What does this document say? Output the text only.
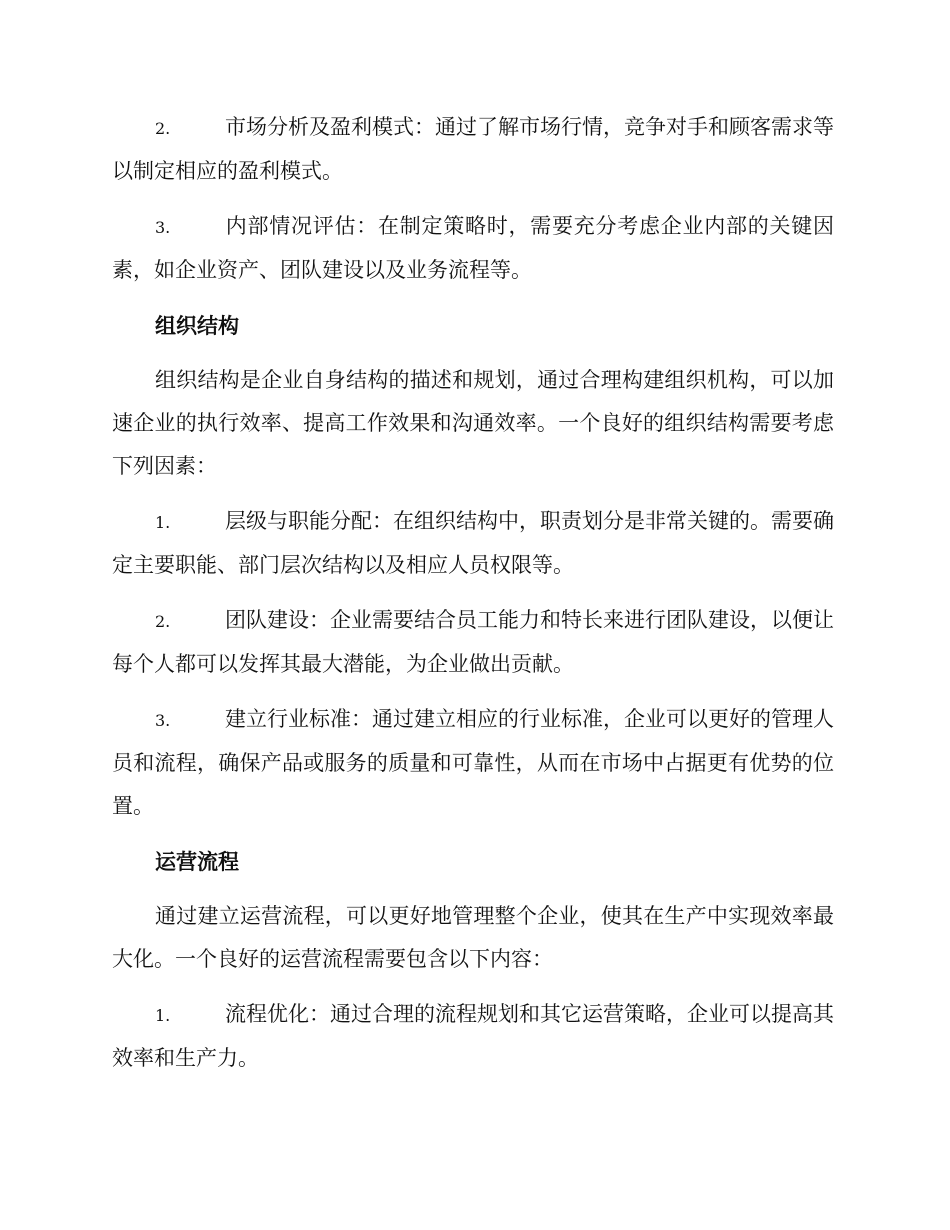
2.	市场分析及盈利模式：通过了解市场行情，竞争对手和顾客需求等以制定相应的盈利模式。

3.	内部情况评估：在制定策略时，需要充分考虑企业内部的关键因素，如企业资产、团队建设以及业务流程等。

组织结构

组织结构是企业自身结构的描述和规划，通过合理构建组织机构，可以加速企业的执行效率、提高工作效果和沟通效率。一个良好的组织结构需要考虑下列因素：

1.	层级与职能分配：在组织结构中，职责划分是非常关键的。需要确定主要职能、部门层次结构以及相应人员权限等。

2.	团队建设：企业需要结合员工能力和特长来进行团队建设，以便让每个人都可以发挥其最大潜能，为企业做出贡献。

3.	建立行业标准：通过建立相应的行业标准，企业可以更好的管理人员和流程，确保产品或服务的质量和可靠性，从而在市场中占据更有优势的位置。

运营流程

通过建立运营流程，可以更好地管理整个企业，使其在生产中实现效率最大化。一个良好的运营流程需要包含以下内容：

1.	流程优化：通过合理的流程规划和其它运营策略，企业可以提高其效率和生产力。
